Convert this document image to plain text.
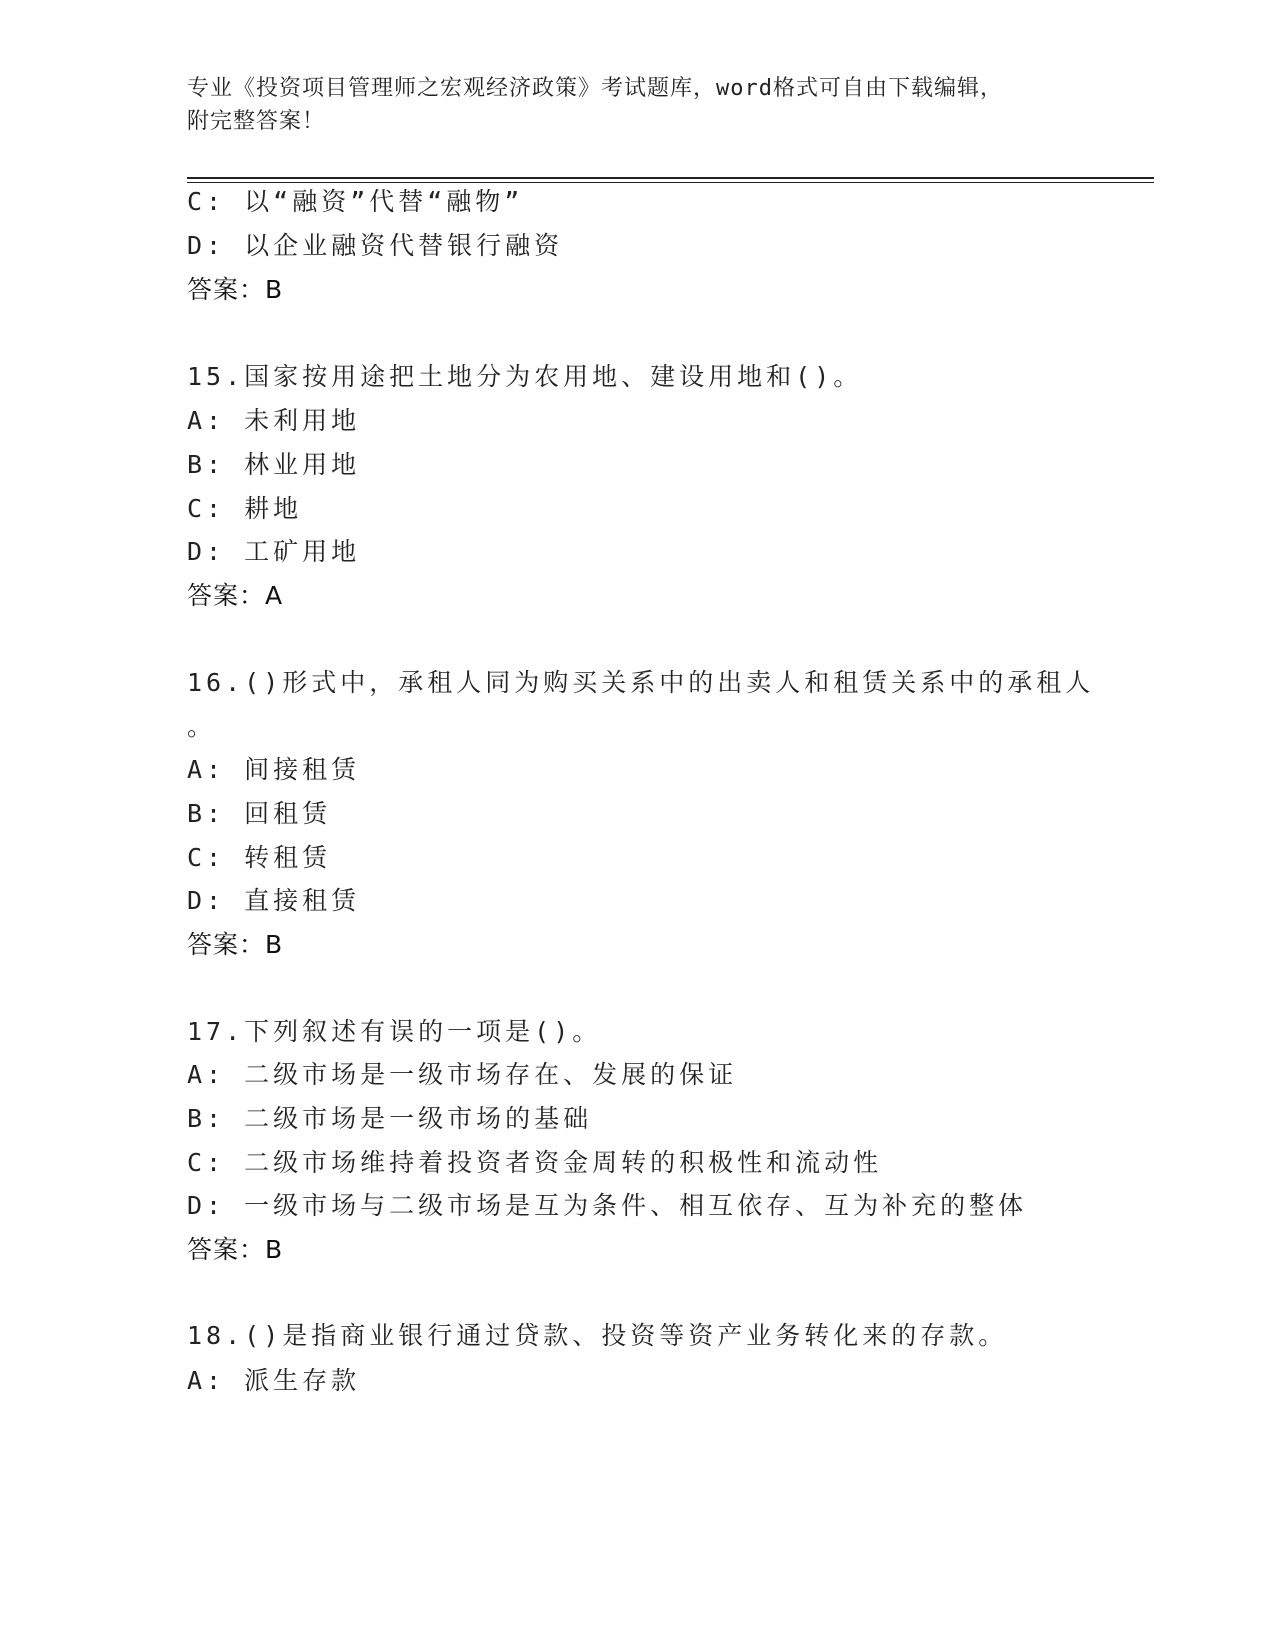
专业《投资项目管理师之宏观经济政策》考试题库，word格式可自由下载编辑，
附完整答案！
C: 以“融资”代替“融物”
D: 以企业融资代替银行融资
答案：B
15.国家按用途把土地分为农用地、建设用地和()。
A: 未利用地
B: 林业用地
C: 耕地
D: 工矿用地
答案：A
16.()形式中，承租人同为购买关系中的出卖人和租赁关系中的承租人
。
A: 间接租赁
B: 回租赁
C: 转租赁
D: 直接租赁
答案：B
17.下列叙述有误的一项是()。
A: 二级市场是一级市场存在、发展的保证
B: 二级市场是一级市场的基础
C: 二级市场维持着投资者资金周转的积极性和流动性
D: 一级市场与二级市场是互为条件、相互依存、互为补充的整体
答案：B
18.()是指商业银行通过贷款、投资等资产业务转化来的存款。
A: 派生存款
